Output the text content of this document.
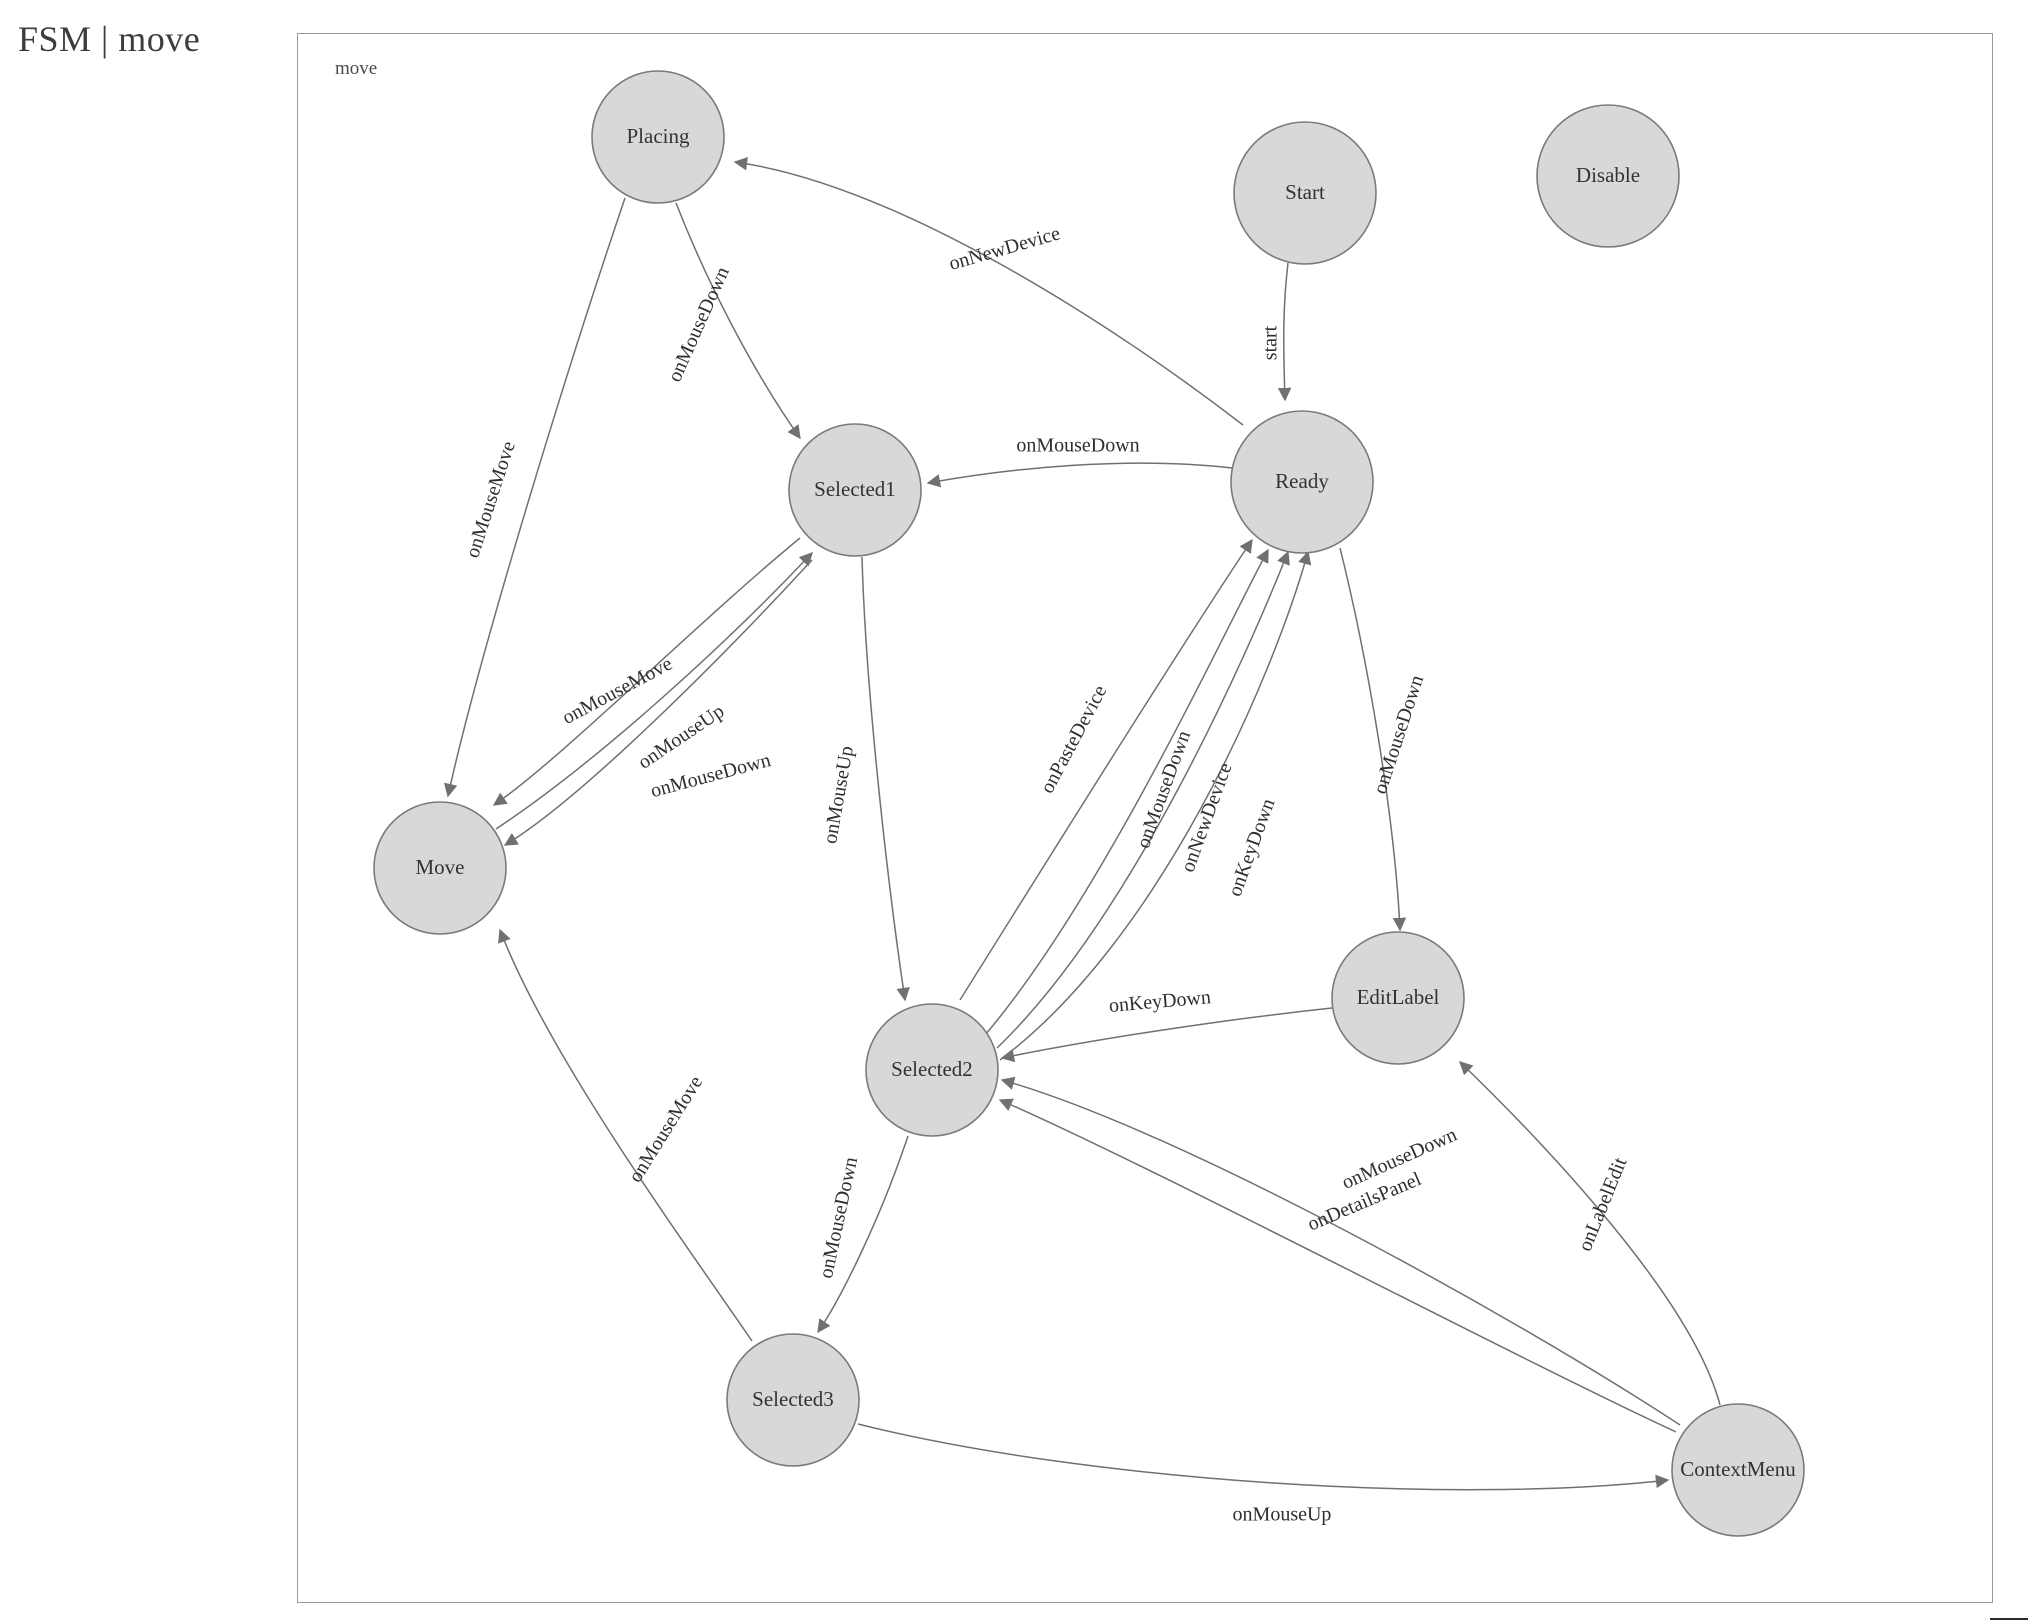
FSM | move
move
Placing
Start
Disable
Selected1	Ready
Move
EditLabel
Selected2
Selected3
ContextMenu
start
onNewDevice
onMouseDown
onMouseDown
onMouseMove
onMouseMove
onMouseUp
onMouseDown onMouseUp	onPasteDevice onMouseDown
onNewDevice
onKeyDown
onMouseDown
onKeyDown
onMouseDown
onMouseMove	onMouseDown
onDetailsPanel	onLabelEdit
onMouseUp
